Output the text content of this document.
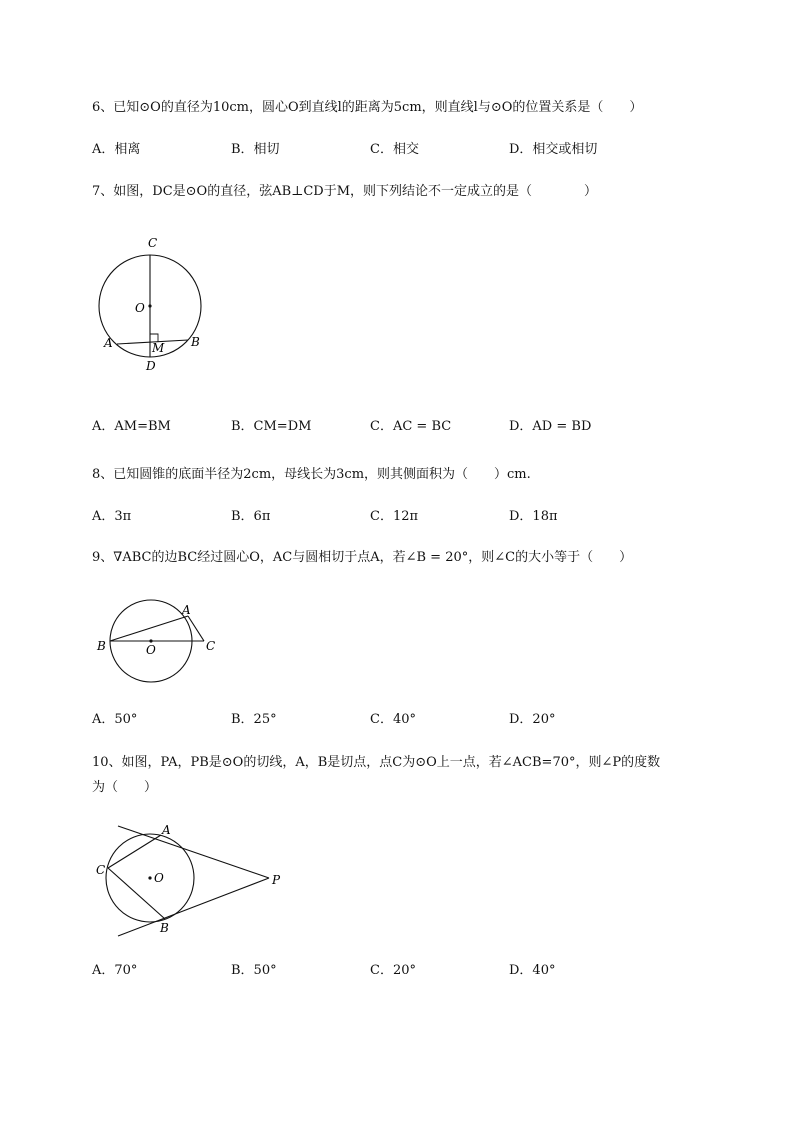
6、已知⊙O的直径为10cm，圆心O到直线l的距离为5cm，则直线l与⊙O的位置关系是（　　）
A．相离	B．相切	C．相交	D．相交或相切
7、如图，DC是⊙O的直径，弦AB⊥CD于M，则下列结论不一定成立的是（　　　　）
C
O
A	M B
D
A．AM=BM	B．CM=DM	C．AC = BC	D．AD = BD
8、已知圆锥的底面半径为2cm，母线长为3cm，则其侧面积为（　　）cm.
A．3π	B．6π	C．12π	D．18π
9、∇ABC的边BC经过圆心O，AC与圆相切于点A，若∠B = 20°，则∠C的大小等于（　　）
A
B	O	C
A．50°	B．25°	C．40°	D．20°
10、如图，PA，PB是⊙O的切线，A，B是切点，点C为⊙O上一点，若∠ACB=70°，则∠P的度数
为（　　）
A
C
O	P
B
A．70°	B．50°	C．20°	D．40°
